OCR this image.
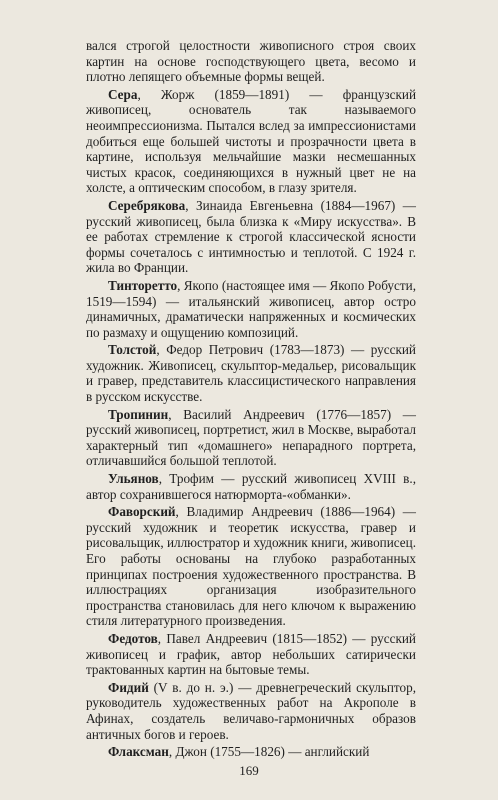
вался строгой целостности живописного строя своих картин на основе господствующего цвета, весомо и плотно лепящего объемные формы вещей.

Сера, Жорж (1859—1891) — французский живописец, основатель так называемого неоимпрессионизма. Пытался вслед за импрессионистами добиться еще большей чистоты и прозрачности цвета в картине, используя мельчайшие мазки несмешанных чистых красок, соединяющихся в нужный цвет не на холсте, а оптическим способом, в глазу зрителя.

Серебрякова, Зинаида Евгеньевна (1884—1967) — русский живописец, была близка к «Миру искусства». В ее работах стремление к строгой классической ясности формы сочеталось с интимностью и теплотой. С 1924 г. жила во Франции.

Тинторетто, Якопо (настоящее имя — Якопо Робусти, 1519—1594) — итальянский живописец, автор остро динамичных, драматически напряженных и космических по размаху и ощущению композиций.

Толстой, Федор Петрович (1783—1873) — русский художник. Живописец, скульптор-медальер, рисовальщик и гравер, представитель классицистического направления в русском искусстве.

Тропинин, Василий Андреевич (1776—1857) — русский живописец, портретист, жил в Москве, выработал характерный тип «домашнего» непарадного портрета, отличавшийся большой теплотой.

Ульянов, Трофим — русский живописец XVIII в., автор сохранившегося натюрморта-«обманки».

Фаворский, Владимир Андреевич (1886—1964) — русский художник и теоретик искусства, гравер и рисовальщик, иллюстратор и художник книги, живописец. Его работы основаны на глубоко разработанных принципах построения художественного пространства. В иллюстрациях организация изобразительного пространства становилась для него ключом к выражению стиля литературного произведения.

Федотов, Павел Андреевич (1815—1852) — русский живописец и график, автор небольших сатирически трактованных картин на бытовые темы.

Фидий (V в. до н. э.) — древнегреческий скульптор, руководитель художественных работ на Акрополе в Афинах, создатель величаво-гармоничных образов античных богов и героев.

Флаксман, Джон (1755—1826) — английский

169
